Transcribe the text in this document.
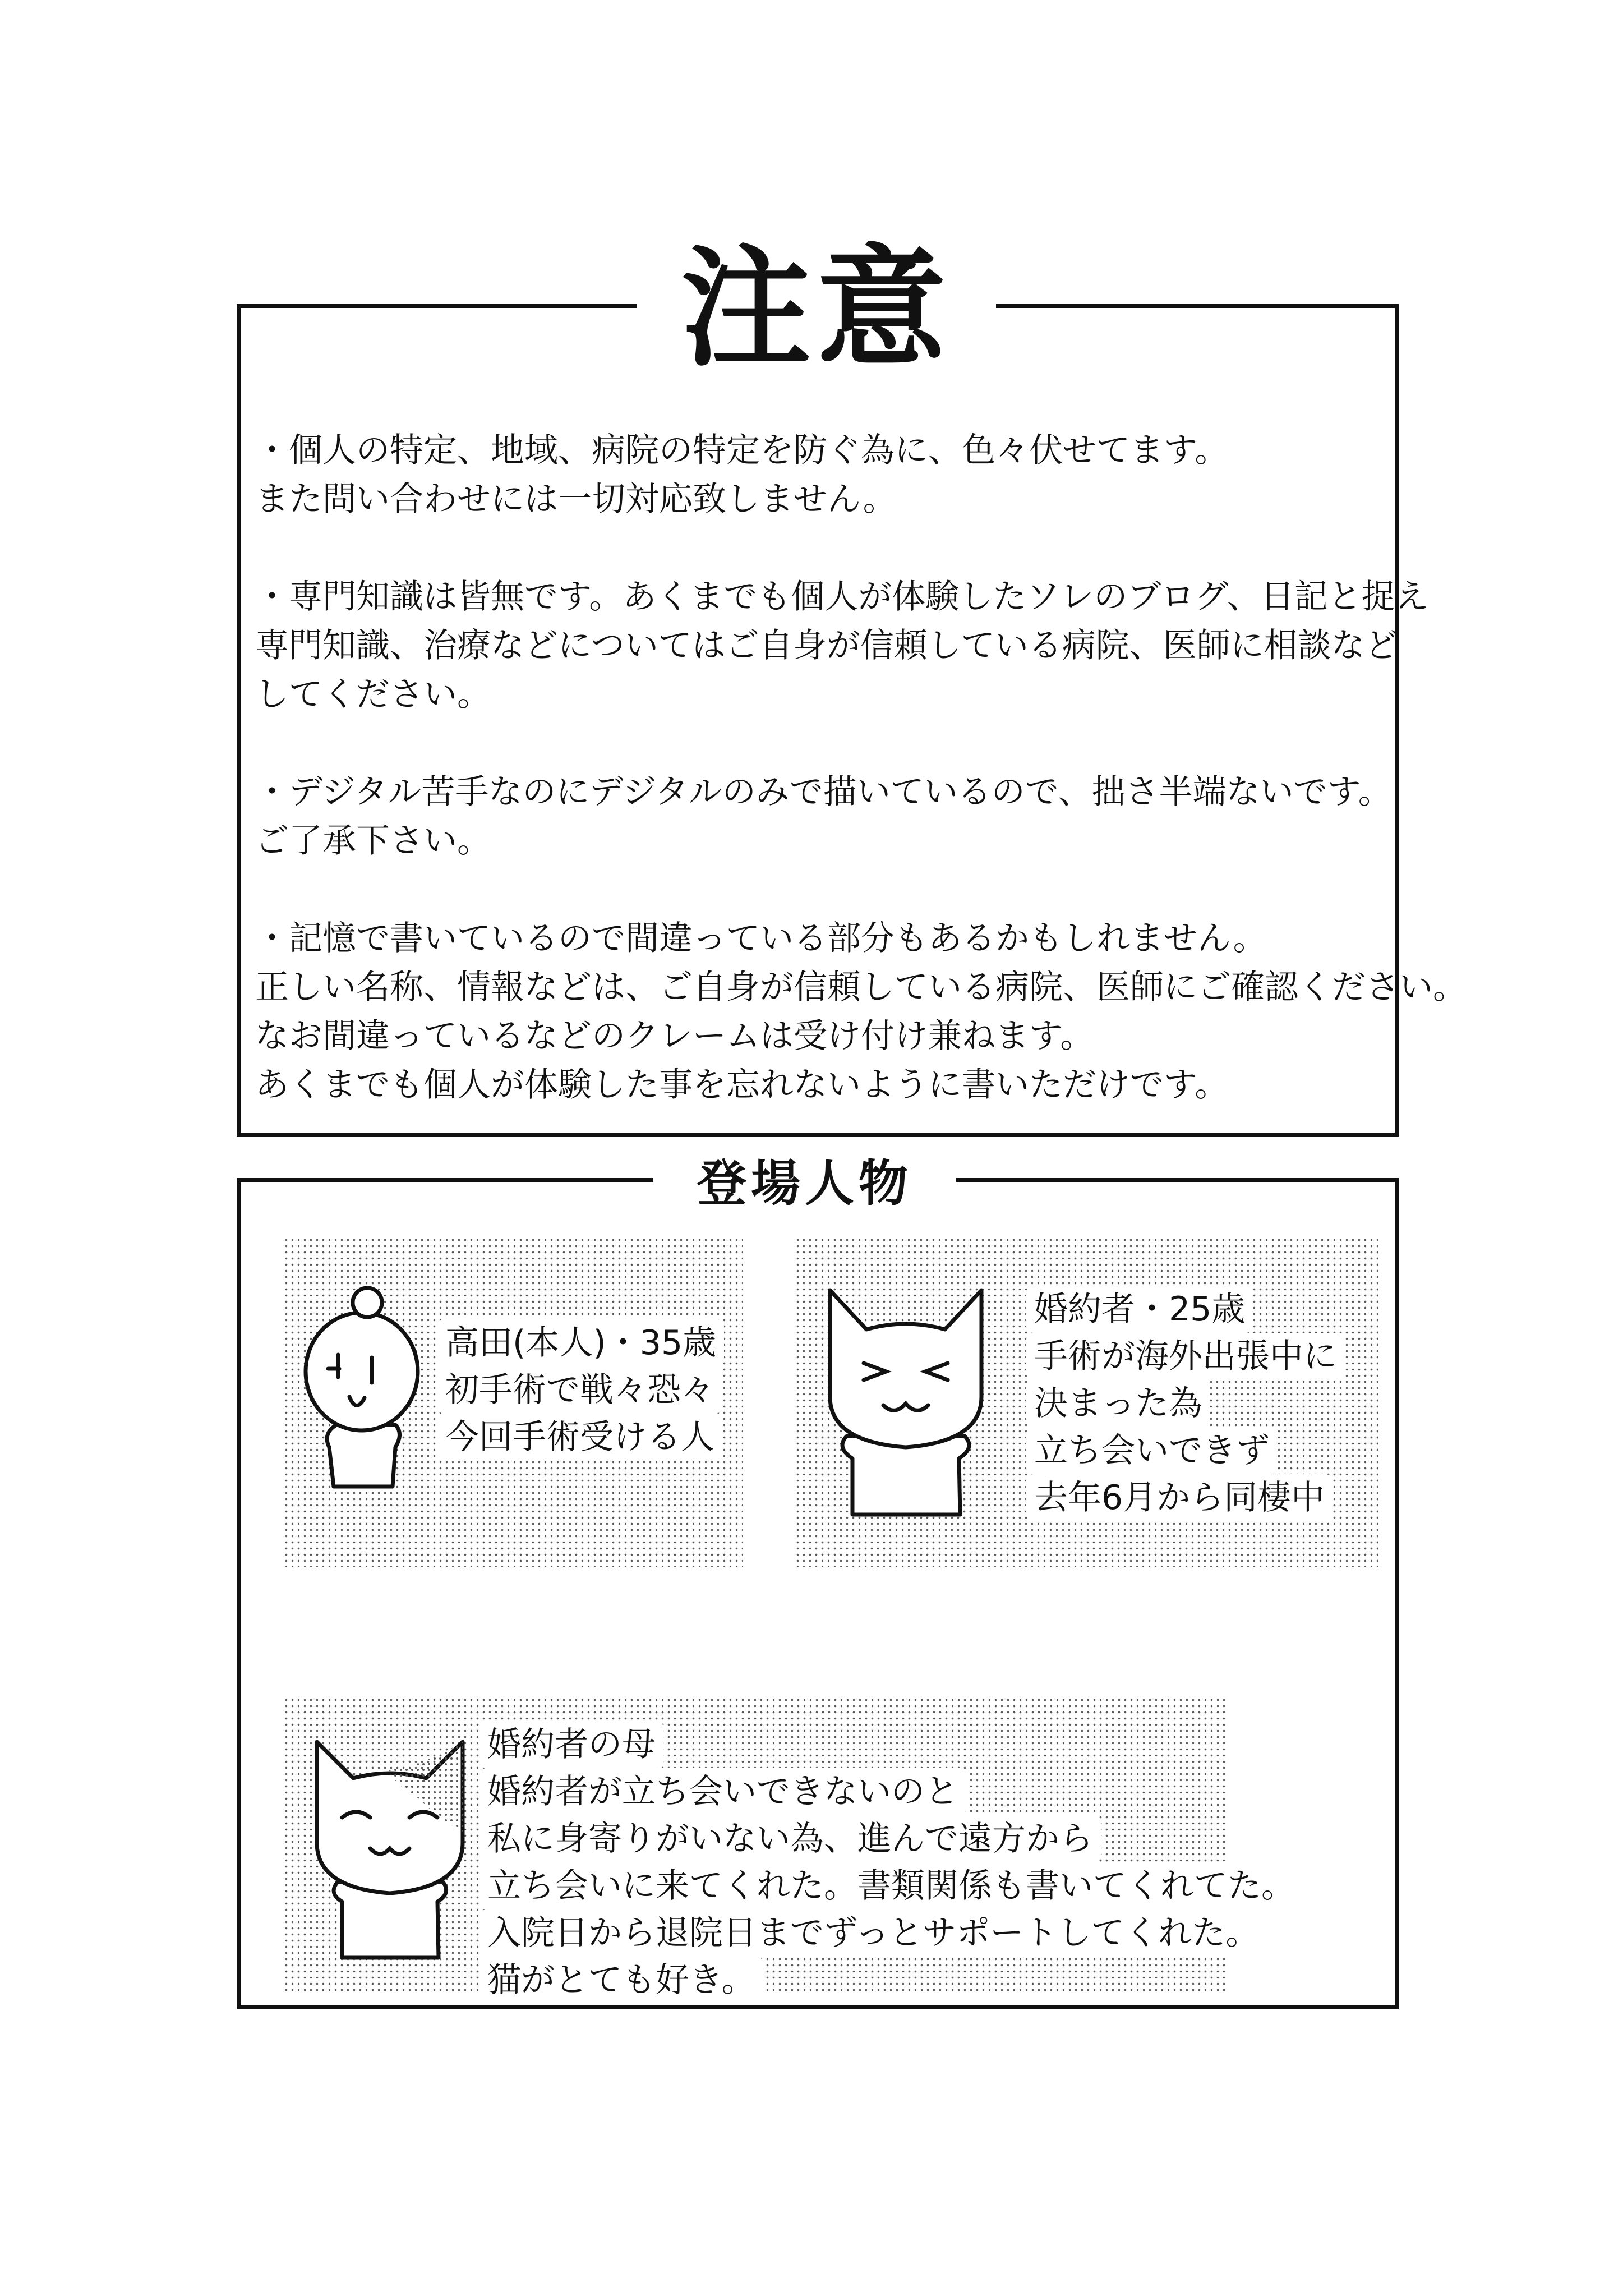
注意
・個人の特定、地域、病院の特定を防ぐ為に、色々伏せてます。
また問い合わせには一切対応致しません。
・専門知識は皆無です。あくまでも個人が体験したソレのブログ、日記と捉え
専門知識、治療などについてはご自身が信頼している病院、医師に相談など
してください。
・デジタル苦手なのにデジタルのみで描いているので、拙さ半端ないです。
ご了承下さい。
・記憶で書いているので間違っている部分もあるかもしれません。
正しい名称、情報などは、ご自身が信頼している病院、医師にご確認ください。
なお間違っているなどのクレームは受け付け兼ねます。
あくまでも個人が体験した事を忘れないように書いただけです。
登場人物
高田(本人)・35歳
初手術で戦々恐々
今回手術受ける人
婚約者・25歳
手術が海外出張中に
決まった為
立ち会いできず
去年6月から同棲中
婚約者の母
婚約者が立ち会いできないのと
私に身寄りがいない為、進んで遠方から
立ち会いに来てくれた。書類関係も書いてくれてた。
入院日から退院日までずっとサポートしてくれた。
猫がとても好き。
